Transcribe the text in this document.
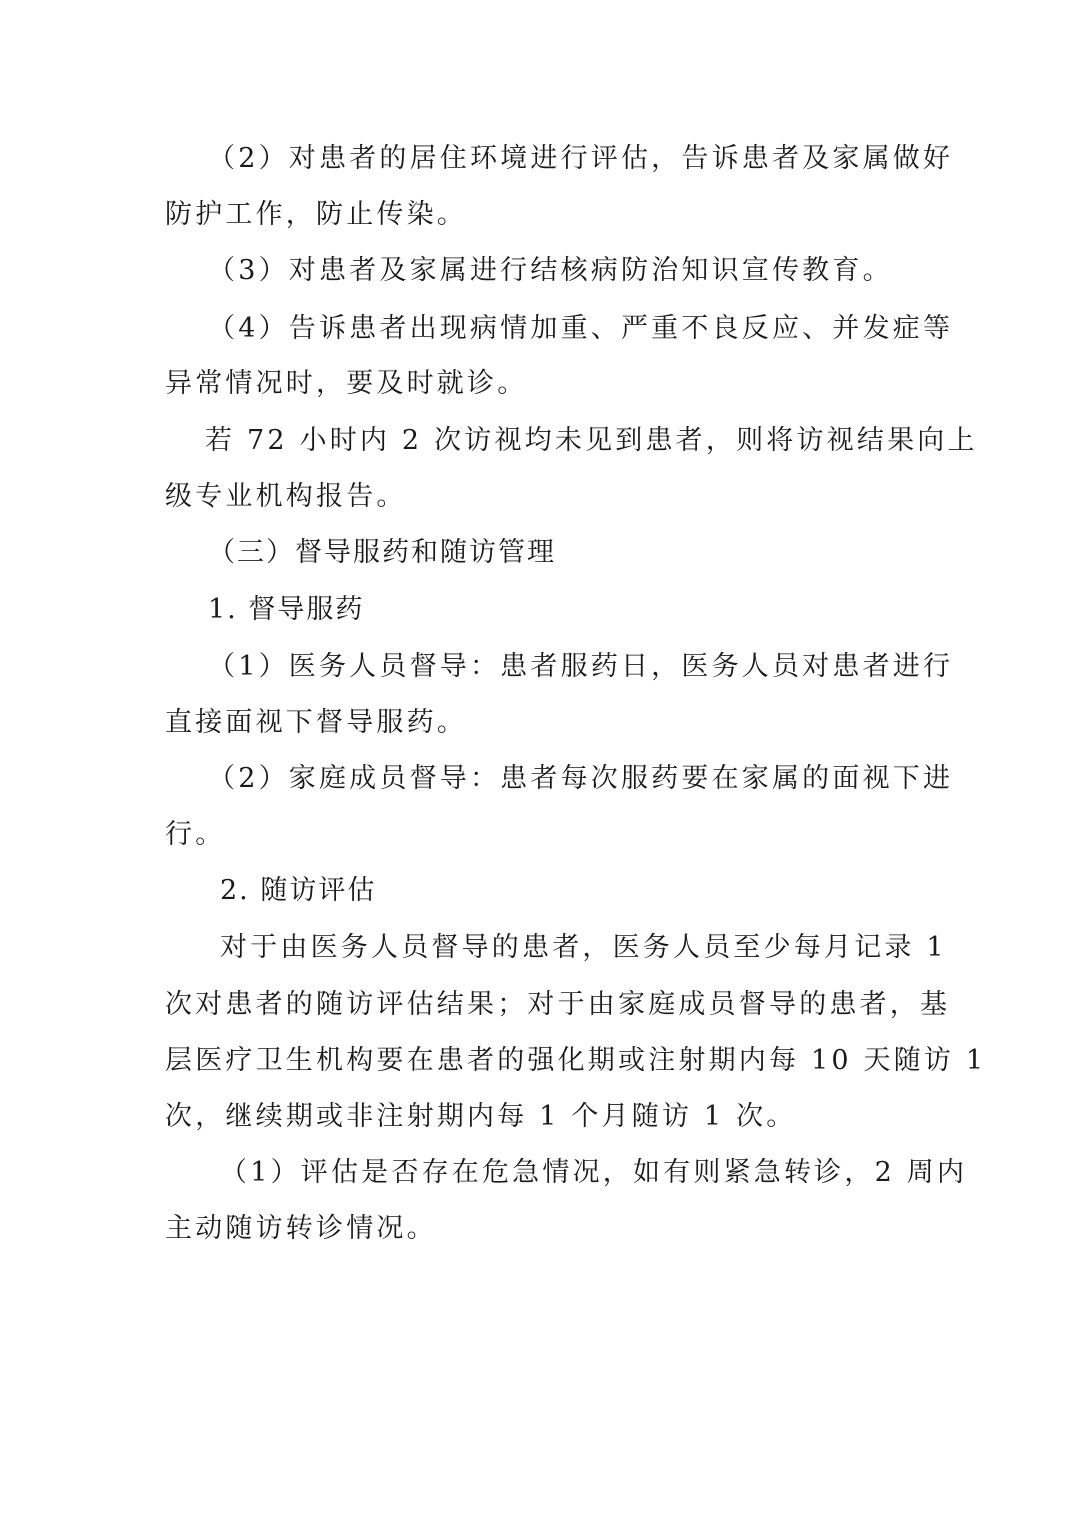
（2）对患者的居住环境进行评估，告诉患者及家属做好
防护工作，防止传染。
（3）对患者及家属进行结核病防治知识宣传教育。
（4）告诉患者出现病情加重、严重不良反应、并发症等
异常情况时，要及时就诊。
若 72 小时内 2 次访视均未见到患者，则将访视结果向上
级专业机构报告。
（三）督导服药和随访管理
1. 督导服药
（1）医务人员督导：患者服药日，医务人员对患者进行
直接面视下督导服药。
（2）家庭成员督导：患者每次服药要在家属的面视下进
行。
2. 随访评估
对于由医务人员督导的患者，医务人员至少每月记录 1
次对患者的随访评估结果；对于由家庭成员督导的患者，基
层医疗卫生机构要在患者的强化期或注射期内每 10 天随访 1
次，继续期或非注射期内每 1 个月随访 1 次。
（1）评估是否存在危急情况，如有则紧急转诊，2 周内
主动随访转诊情况。
